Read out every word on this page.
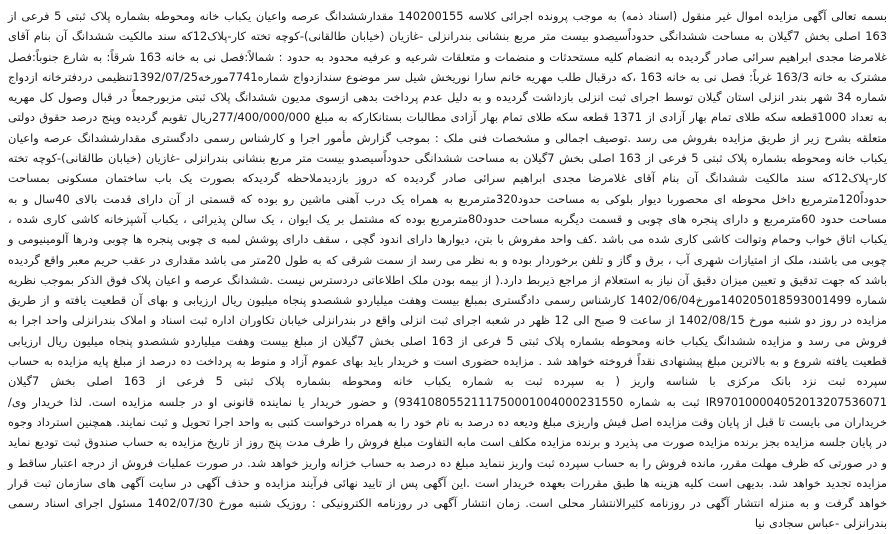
بسمه تعالی آگهی مزایده اموال غیر منقول (اسناد ذمه) به موجب پرونده اجرائی کلاسه 140200155 مقدارششدانگ عرصه واعیان یکباب خانه ومحوطه بشماره پلاک ثبتی 5 فرعی از 163 اصلی بخش 7گیلان به مساحت ششدانگی حدوداًسیصدو بیست متر مربع بنشانی بندرانزلی -غازیان (خیابان طالقانی)-کوچه تخته کار-پلاک12که سند مالکیت ششدانگ آن بنام آقای غلامرضا مجدی ابراهیم سرائی صادر گردیده به انضمام کلیه مستحدثات و منضمات و متعلقات شرعیه و عرفیه محدود به حدود : شمالاً:فصل نی به خانه 163 شرقاً: به شارع جنوباً:فصل مشترک به خانه 163/3 غرباً: فصل نی به خانه 163 ،که درقبال طلب مهریه خانم سارا نوریخش شیل سر موضوع سندازدواج شماره7741مورخه1392/07/25تنظیمی دردفترخانه ازدواج شماره 34 شهر بندر انزلی استان گیلان توسط اجرای ثبت انزلی بازداشت گردیده و به دلیل عدم پرداخت بدهی ازسوی مدیون ششدانگ پلاک ثبتی مزبورجمعاً در قبال وصول کل مهریه به تعداد 1000قطعه سکه طلای تمام بهار آزادی از 1371 قطعه سکه طلای تمام بهار آزادی مطالبات بستانکارکه به مبلغ 277/400/000/000ریال تقویم گردیده وپنج درصد حقوق دولتی متعلقه بشرح زیر از طریق مزایده بفروش می رسد .توصیف اجمالی و مشخصات فنی ملک : بموجب گزارش مأمور اجرا و کارشناس رسمی دادگستری مقدارششدانگ عرصه واعیان یکباب خانه ومحوطه بشماره پلاک ثبتی 5 فرعی از 163 اصلی بخش 7گیلان به مساحت ششدانگی حدوداًسیصدو بیست متر مربع بنشانی بندرانزلی -غازیان (خیابان طالقانی)-کوچه تخته کار-پلاک12که سند مالکیت ششدانگ آن بنام آقای غلامرضا مجدی ابراهیم سرائی صادر گردیده که دروز بازدیدملاحظه گردیدکه بصورت یک باب ساختمان مسکونی بمساحت حدوداً120مترمربع داخل محوطه ای محصوربا دیوار بلوکی به مساحت حدود320مترمربع به همراه یک درب آهنی ماشین رو بوده که قسمتی از آن دارای قدمت بالای 40سال و به مساحت حدود 60مترمربع و دارای پنجره های چوبی و قسمت دیگربه مساحت حدود80مترمربع بوده که مشتمل بر یک ایوان ، یک سالن پذیرائی ، یکباب آشپزخانه کاشی کاری شده ، یکباب اتاق خواب وحمام وتوالت کاشی کاری شده می باشد .کف واحد مفروش با بتن، دیوارها دارای اندود گچی ، سقف دارای پوشش لمبه ی چوبی پنجره ها چوبی ودرها آلومینیومی و چوبی می باشند، ملک از امتیازات شهری آب ، برق و گاز و تلفن برخوردار بوده و به نظر می رسد از سمت شرقی که به طول 20متر می باشد مقداری در عقب حریم معبر واقع گردیده باشد که جهت تدقیق و تعیین میزان دقیق آن نیاز به استعلام از مراجع ذیربط دارد.( از بیمه بودن ملک اطلاعاتی دردسترس نیست .ششدانگ عرصه و اعیان پلاک فوق الذکر بموجب نظریه شماره 140205018593001499مورخ1402/06/04 کارشناس رسمی دادگستری بمبلغ بیست وهفت میلیاردو ششصدو پنجاه میلیون ریال ارزیابی و بهای آن قطعیت یافته و از طریق مزایده در روز دو شنبه مورخ 1402/08/15 از ساعت 9 صبح الی 12 ظهر در شعبه اجرای ثبت انزلی واقع در بندرانزلی خیابان تکاوران اداره ثبت اسناد و املاک بندرانزلی واحد اجرا به فروش می رسد و مزایده ششدانگ یکباب خانه ومحوطه بشماره پلاک ثبتی 5 فرعی از 163 اصلی بخش 7گیلان از مبلغ بیست وهفت میلیاردو ششصدو پنجاه میلیون ریال ارزیابی قطعیت یافته شروع و به بالاترین مبلغ پیشنهادی نقداً فروخته خواهد شد . مزایده حضوری است و خریدار باید بهای عموم آزاد و منوط به پرداخت ده درصد از مبلغ پایه مزایده به حساب سپرده ثبت نزد بانک مرکزی با شناسه واریز ( به سپرده ثبت به شماره یکباب خانه ومحوطه بشماره پلاک ثبتی 5 فرعی از 163 اصلی بخش 7گیلان IR970100004052013207536071 ثبت به شماره 9341080552111750001004000231550) و حضور خریدار یا نماینده قانونی او در جلسه مزایده است. لذا خریدار وی/ خریداران می بایست تا قبل از پایان وقت مزایده اصل فیش واریزی مبلغ ودیعه ده درصد به نام خود را به همراه درخواست کتبی به واحد اجرا تحویل و ثبت نمایند. همچنین استرداد وجوه در پایان جلسه مزایده بجز برنده مزایده صورت می پذیرد و برنده مزایده مکلف است مابه التفاوت مبلغ فروش را ظرف مدت پنج روز از تاریخ مزایده به حساب صندوق ثبت تودیع نماید و در صورتی که ظرف مهلت مقرر، مانده فروش را به حساب سپرده ثبت واریز ننماید مبلغ ده درصد به حساب خزانه واریز خواهد شد. در صورت عملیات فروش از درجه اعتبار ساقط و مزایده تجدید خواهد شد. بدیهی است کلیه هزینه ها طبق مقررات بعهده خریدار است .این آگهی پس از تایید نهائی فرآیند مزایده و حذف آگهی در سایت آگهی های سازمان ثبت قرار خواهد گرفت و به منزله انتشار آگهی در روزنامه کثیرالانتشار محلی است. زمان انتشار آگهی در روزنامه الکترونیکی : روزیک شنبه مورخ 1402/07/30 مسئول اجرای اسناد رسمی بندرانزلی -عباس سجادی نیا
